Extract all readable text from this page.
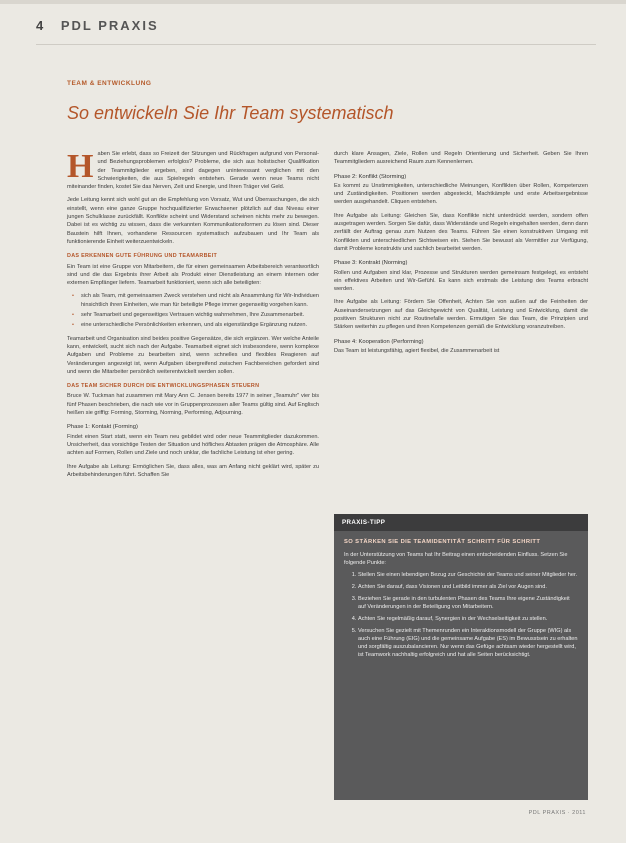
4 PDL PRAXIS
TEAM & ENTWICKLUNG
So entwickeln Sie Ihr Team systematisch

Haben Sie erlebt, dass so Freizeit der Sitzungen und Rückfragen aufgrund von Personal- und Beziehungsproblemen erfolglos? Probleme, die sich aus holistischer Qualifikation der Teammitglieder ergeben, sind dagegen uninteressant verglichen mit den Schwierigkeiten, die aus Spielregeln entstehen. Gerade wenn neue Teams nicht miteinander finden, kostet Sie das Nerven, Zeit und Energie, und Ihren Träger viel Geld.

Jede Leitung kennt sich wohl gut an die Empfehlung von Vorsatz, Wut und Überraschungen, die sich einstellt, wenn eine ganze Gruppe hochqualifizierter Erwachsener plötzlich auf das Niveau einer jungen Schulklasse zurückfällt. Konflikte scheint und Widerstand scheinen nichts mehr zu bewegen. Dabei ist es wichtig zu wissen, dass die verkannten Kommunikationsformen zu lösen sind. Dieser Baustein hilft Ihnen, vorhandene Ressourcen systematisch aufzubauen und Ihr Team als funktionierende Einheit weiterzuentwickeln.

DAS ERKENNEN GUTE FÜHRUNG UND TEAMARBEIT

Ein Team ist eine Gruppe von Mitarbeitern, die für einen gemeinsamen Arbeitsbereich verantwortlich sind und die das Ergebnis ihrer Arbeit als Produkt einer Dienstleistung an einem internen oder externen Empfänger liefern. Teamarbeit funktioniert, wenn sich alle beteiligten:

• sich als Team, mit gemeinsamen Zweck verstehen und nicht als Ansammlung für Wir-Individuen hinsichtlich ihren Einheiten, wie man für beteiligte Pflege immer gegenseitig vorgehen kann.
• sehr Teamarbeit und gegenseitiges Vertrauen wichtig wahrnehmen, Ihre Zusammenarbeit.
• eine unterschiedliche Persönlichkeiten erkennen, und als eigenständige Ergänzung nutzen.

Teamarbeit und Organisation sind beides positive Gegensätze, die sich ergänzen. Wer welche Anteile kann, entwickelt, sucht sich nach der Aufgabe. Teamarbeit eignet sich insbesondere, wenn komplexe Aufgaben und Probleme zu bearbeiten sind, wenn schnelles und flexibles Reagieren auf Veränderungen angezeigt ist, wenn Aufgaben übergreifend zwischen Fachbereichen gefordert sind und wenn die Mitarbeiter persönlich weiterentwickelt werden sollen.

DAS TEAM SICHER DURCH DIE ENTWICKLUNGSPHASEN STEUERN

Bruce W. Tuckman hat zusammen mit Mary Ann C. Jensen bereits 1977 in seiner „Teamuhr" vier bis fünf Phasen beschrieben, die nach wie vor in Gruppenprozessen aller Teams gültig sind. Auf Englisch heißen sie griffig: Forming, Storming, Norming, Performing, Adjourning.

Phase 1: Kontakt (Forming)

Findet einen Start statt, wenn ein Team neu gebildet wird oder neue Teammitglieder dazukommen. Unsicherheit, das vorsichtige Testen der Situation und höfliches Abtasten prägen die Atmosphäre. Alle achten auf Formen, Rollen und Ziele und noch unklar, die fachliche Leistung ist eher gering.

Ihre Aufgabe als Leitung: Ermöglichen Sie, dass alles, was am Anfang nicht geklärt wird, später zu Arbeitsbehinderungen führt. Schaffen Sie

durch klare Ansagen, Ziele, Rollen und Regeln Orientierung und Sicherheit. Geben Sie Ihren Teammitgliedern ausreichend Raum zum Kennenlernen.

Phase 2: Konflikt (Storming)

Es kommt zu Unstimmigkeiten, unterschiedliche Meinungen, Konflikten über Rollen, Kompetenzen und Zuständigkeiten. Positionen werden abgesteckt, Machtkämpfe und erste Arbeitsergebnisse werden ausgehandelt. Cliquen entstehen.

Ihre Aufgabe als Leitung: Gleichen Sie, dass Konflikte nicht unterdrückt werden, sondern offen ausgetragen werden. Sorgen Sie dafür, dass Widerstände und Regeln eingehalten werden, denn dann zerfällt der Auftrag genau zum Nutzen des Teams. Führen Sie einen konstruktiven Umgang mit Konflikten und unterschiedlichen Sichtweisen ein. Stehen Sie bewusst als Vermittler zur Verfügung, damit Probleme konstruktiv und sachlich bearbeitet werden.

Phase 3: Kontrakt (Norming)

Rollen und Aufgaben sind klar, Prozesse und Strukturen werden gemeinsam festgelegt, es entsteht ein effektives Arbeiten und Wir-Gefühl. Es kann sich erstmals die Leistung des Teams erbracht werden.

Ihre Aufgabe als Leitung: Fördern Sie Offenheit, Achten Sie von außen auf die Feinheiten der Auseinandersetzungen auf das Gleichgewicht von Qualität, Leistung und Entwicklung, damit die positiven Strukturen nicht zur Routinefalle werden. Ermutigen Sie das Team, die Prinzipien und Stärken weiterhin zu pflegen und ihren Kompetenzen gemäß die Entwicklung voranzutreiben.

Phase 4: Kooperation (Performing)

Das Team ist leistungsfähig, agiert flexibel, die Zusammenarbeit ist

PRAXIS-TIPP
SO STÄRKEN SIE DIE TEAMIDENTITÄT SCHRITT FÜR SCHRITT
In der Unterstützung von Teams hat Ihr Beitrag einen entscheidenden Einfluss. Setzen Sie folgende Punkte:
1. Stellen Sie einen lebendigen Bezug zur Geschichte der Teams und seiner Mitglieder her.
2. Achten Sie darauf, dass Visionen und Leitbild immer als Ziel vor Augen sind.
3. Beziehen Sie gerade in den turbulenten Phasen des Teams Ihre eigene Zuständigkeit auf Veränderungen in der Beteiligung von Mitarbeitern.
4. Achten Sie regelmäßig darauf, Synergien in der Wechselseitigkeit zu stellen.
5. Versuchen Sie gezielt mit Themenrunden ein Interaktionsmodell der Gruppe (WIG) als auch eine Führung (EIG) und die gemeinsame Aufgabe (ES) im Bewusstsein zu erhalten und sorgfältig auszubalancieren. Nur wenn das Gefüge achtsam wieder hergestellt wird, ist Teamwork nachhaltig erfolgreich und hat alle Seiten berücksichtigt.
PDL PRAXIS · 2011
